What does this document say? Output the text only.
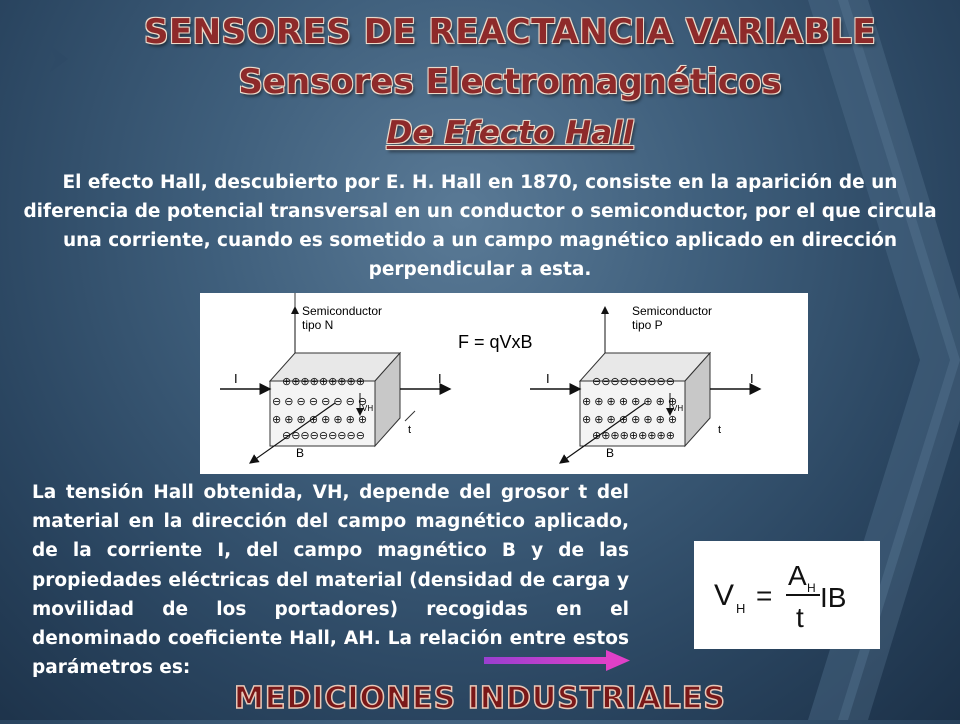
SENSORES DE REACTANCIA VARIABLE
Sensores Electromagnéticos
De Efecto Hall
El efecto Hall, descubierto por E. H. Hall en 1870, consiste en la aparición de un diferencia de potencial transversal en un conductor o semiconductor, por el que circula una corriente, cuando es sometido a un campo magnético aplicado en dirección perpendicular a esta.
⊕⊕⊕⊕⊕⊕⊕⊕⊕
⊖⊖⊖⊖⊖⊖⊖⊖⊖
⊖ ⊖ ⊖ ⊖ ⊖ ⊖ ⊖ ⊖
⊕ ⊕ ⊕ ⊕ ⊕ ⊕ ⊕ ⊕
Semiconductor
tipo N
I	I
B
t
VH
F = qVxB
⊖⊖⊖⊖⊖⊖⊖⊖⊖
⊕ ⊕ ⊕ ⊕ ⊕ ⊕ ⊕ ⊕
⊕ ⊕ ⊕ ⊕ ⊕ ⊕ ⊕ ⊕
⊕⊕⊕⊕⊕⊕⊕⊕⊕
Semiconductor
tipo P
I	I
B
t
VH
La tensión Hall obtenida, VH, depende del grosor t del material en la dirección del campo magnético aplicado, de la corriente I, del campo magnético B y de las propiedades eléctricas del material (densidad de carga y movilidad de los portadores) recogidas en el denominado coeficiente Hall, AH. La relación entre estos parámetros es:
V H =
A H
t
IB
MEDICIONES INDUSTRIALES
